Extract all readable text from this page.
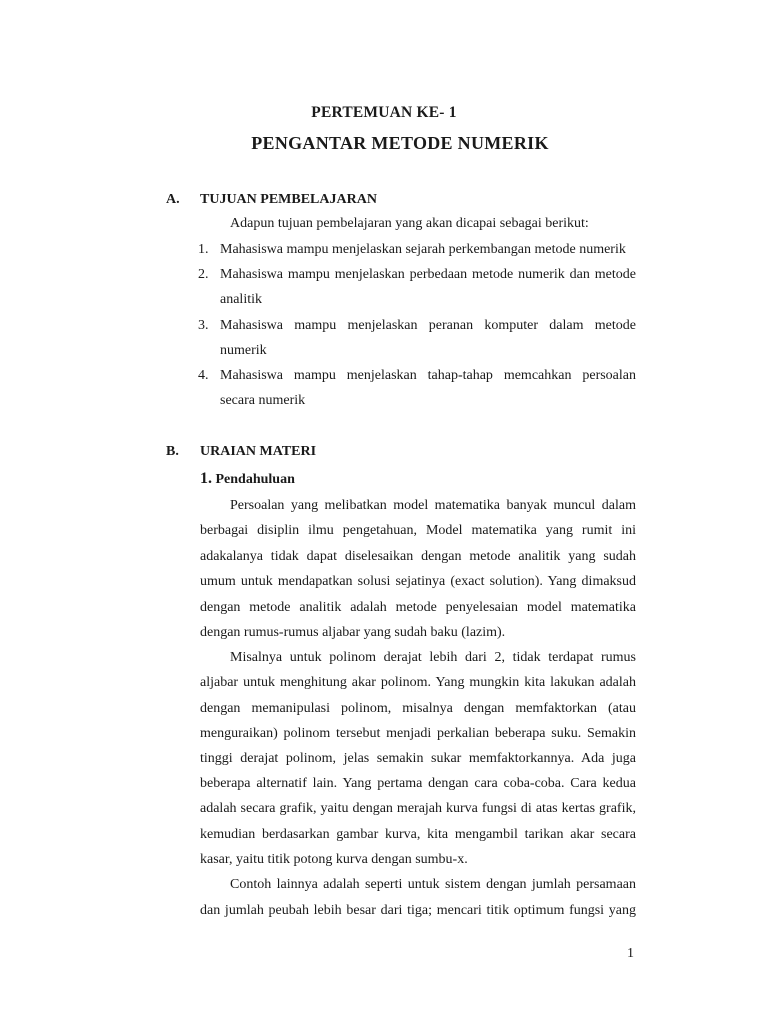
PERTEMUAN KE- 1
PENGANTAR METODE NUMERIK
A. TUJUAN PEMBELAJARAN
Adapun tujuan pembelajaran yang akan dicapai sebagai berikut:
1. Mahasiswa mampu menjelaskan sejarah perkembangan metode numerik
2. Mahasiswa mampu menjelaskan perbedaan metode numerik dan metode
analitik
3. Mahasiswa mampu menjelaskan peranan komputer dalam metode
numerik
4. Mahasiswa mampu menjelaskan tahap-tahap memcahkan persoalan
secara numerik
B. URAIAN MATERI
1. Pendahuluan
Persoalan yang melibatkan model matematika banyak muncul dalam
berbagai disiplin ilmu pengetahuan, Model matematika yang rumit ini
adakalanya tidak dapat diselesaikan dengan metode analitik yang sudah
umum untuk mendapatkan solusi sejatinya (exact solution). Yang dimaksud
dengan metode analitik adalah metode penyelesaian model matematika
dengan rumus-rumus aljabar yang sudah baku (lazim).
Misalnya untuk polinom derajat lebih dari 2, tidak terdapat rumus
aljabar untuk menghitung akar polinom. Yang mungkin kita lakukan adalah
dengan memanipulasi polinom, misalnya dengan memfaktorkan (atau
menguraikan) polinom tersebut menjadi perkalian beberapa suku. Semakin
tinggi derajat polinom, jelas semakin sukar memfaktorkannya. Ada juga
beberapa alternatif lain. Yang pertama dengan cara coba-coba. Cara kedua
adalah secara grafik, yaitu dengan merajah kurva fungsi di atas kertas grafik,
kemudian berdasarkan gambar kurva, kita mengambil tarikan akar secara
kasar, yaitu titik potong kurva dengan sumbu-x.
Contoh lainnya adalah seperti untuk sistem dengan jumlah persamaan
dan jumlah peubah lebih besar dari tiga; mencari titik optimum fungsi yang
1
